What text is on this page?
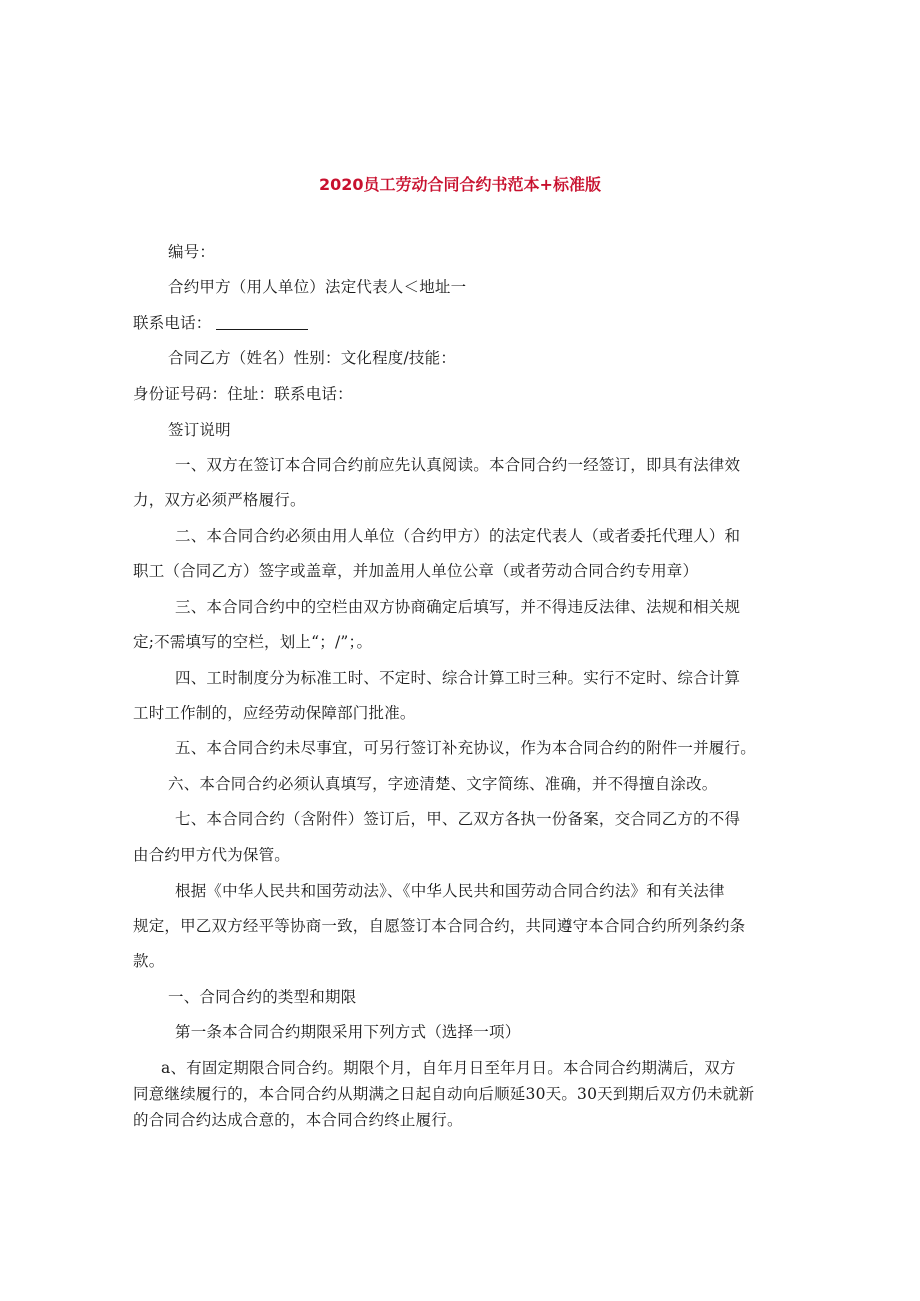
2020员工劳动合同合约书范本+标准版
编号：
合约甲方（用人单位）法定代表人＜地址一
联系电话：
合同乙方（姓名）性别：文化程度/技能：
身份证号码：住址：联系电话：
签订说明
一、双方在签订本合同合约前应先认真阅读。本合同合约一经签订，即具有法律效
力，双方必须严格履行。
二、本合同合约必须由用人单位（合约甲方）的法定代表人（或者委托代理人）和
职工（合同乙方）签字或盖章，并加盖用人单位公章（或者劳动合同合约专用章）
三、本合同合约中的空栏由双方协商确定后填写，并不得违反法律、法规和相关规
定;不需填写的空栏，划上“；/”；。
四、工时制度分为标准工时、不定时、综合计算工时三种。实行不定时、综合计算
工时工作制的，应经劳动保障部门批准。
五、本合同合约未尽事宜，可另行签订补充协议，作为本合同合约的附件一并履行。
六、本合同合约必须认真填写，字迹清楚、文字简练、准确，并不得擅自涂改。
七、本合同合约（含附件）签订后，甲、乙双方各执一份备案，交合同乙方的不得
由合约甲方代为保管。
根据《中华人民共和国劳动法》、《中华人民共和国劳动合同合约法》和有关法律
规定，甲乙双方经平等协商一致，自愿签订本合同合约，共同遵守本合同合约所列条约条
款。
一、合同合约的类型和期限
第一条本合同合约期限采用下列方式（选择一项）
a、有固定期限合同合约。期限个月，自年月日至年月日。本合同合约期满后，双方
同意继续履行的，本合同合约从期满之日起自动向后顺延30天。30天到期后双方仍未就新
的合同合约达成合意的，本合同合约终止履行。
